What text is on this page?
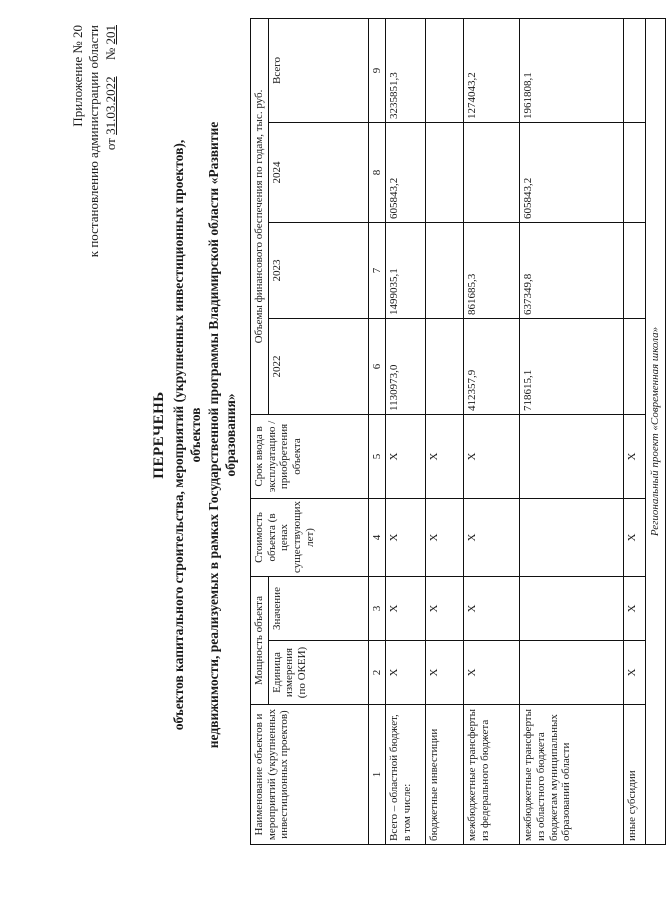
Приложение № 20 к постановлению администрации области от 31.03.2022     № 201
ПЕРЕЧЕНЬ объектов капитального строительства, мероприятий (укрупненных инвестиционных проектов), объектов недвижимости, реализуемых в рамках Государственной программы Владимирской области «Развитие образования»
Наименование объектов и мероприятий (укрупненных инвестиционных проектов)	Мощность объекта		Стоимость объекта (в ценах существующих лет)	Срок ввода в эксплуатацию / приобретения объекта	Объемы финансового обеспечения по годам, тыс. руб.			
	Единица измерения (по ОКЕИ)	Значение			2022	2023	2024	Всего
1	2	3	4	5	6	7	8	9
Всего – областной бюджет, в том числе:	Х	Х	Х	Х	1130973,0	1499035,1	605843,2	3235851,3
бюджетные инвестиции	Х	Х	Х	Х				
межбюджетные трансферты из федерального бюджета	Х	Х	Х	Х	412357,9	861685,3		1274043,2
межбюджетные трансферты из областного бюджета бюджетам муниципальных образований области					718615,1	637349,8	605843,2	1961808,1
иные субсидии	Х	Х	Х	Х				
Региональный проект «Современная школа»								
